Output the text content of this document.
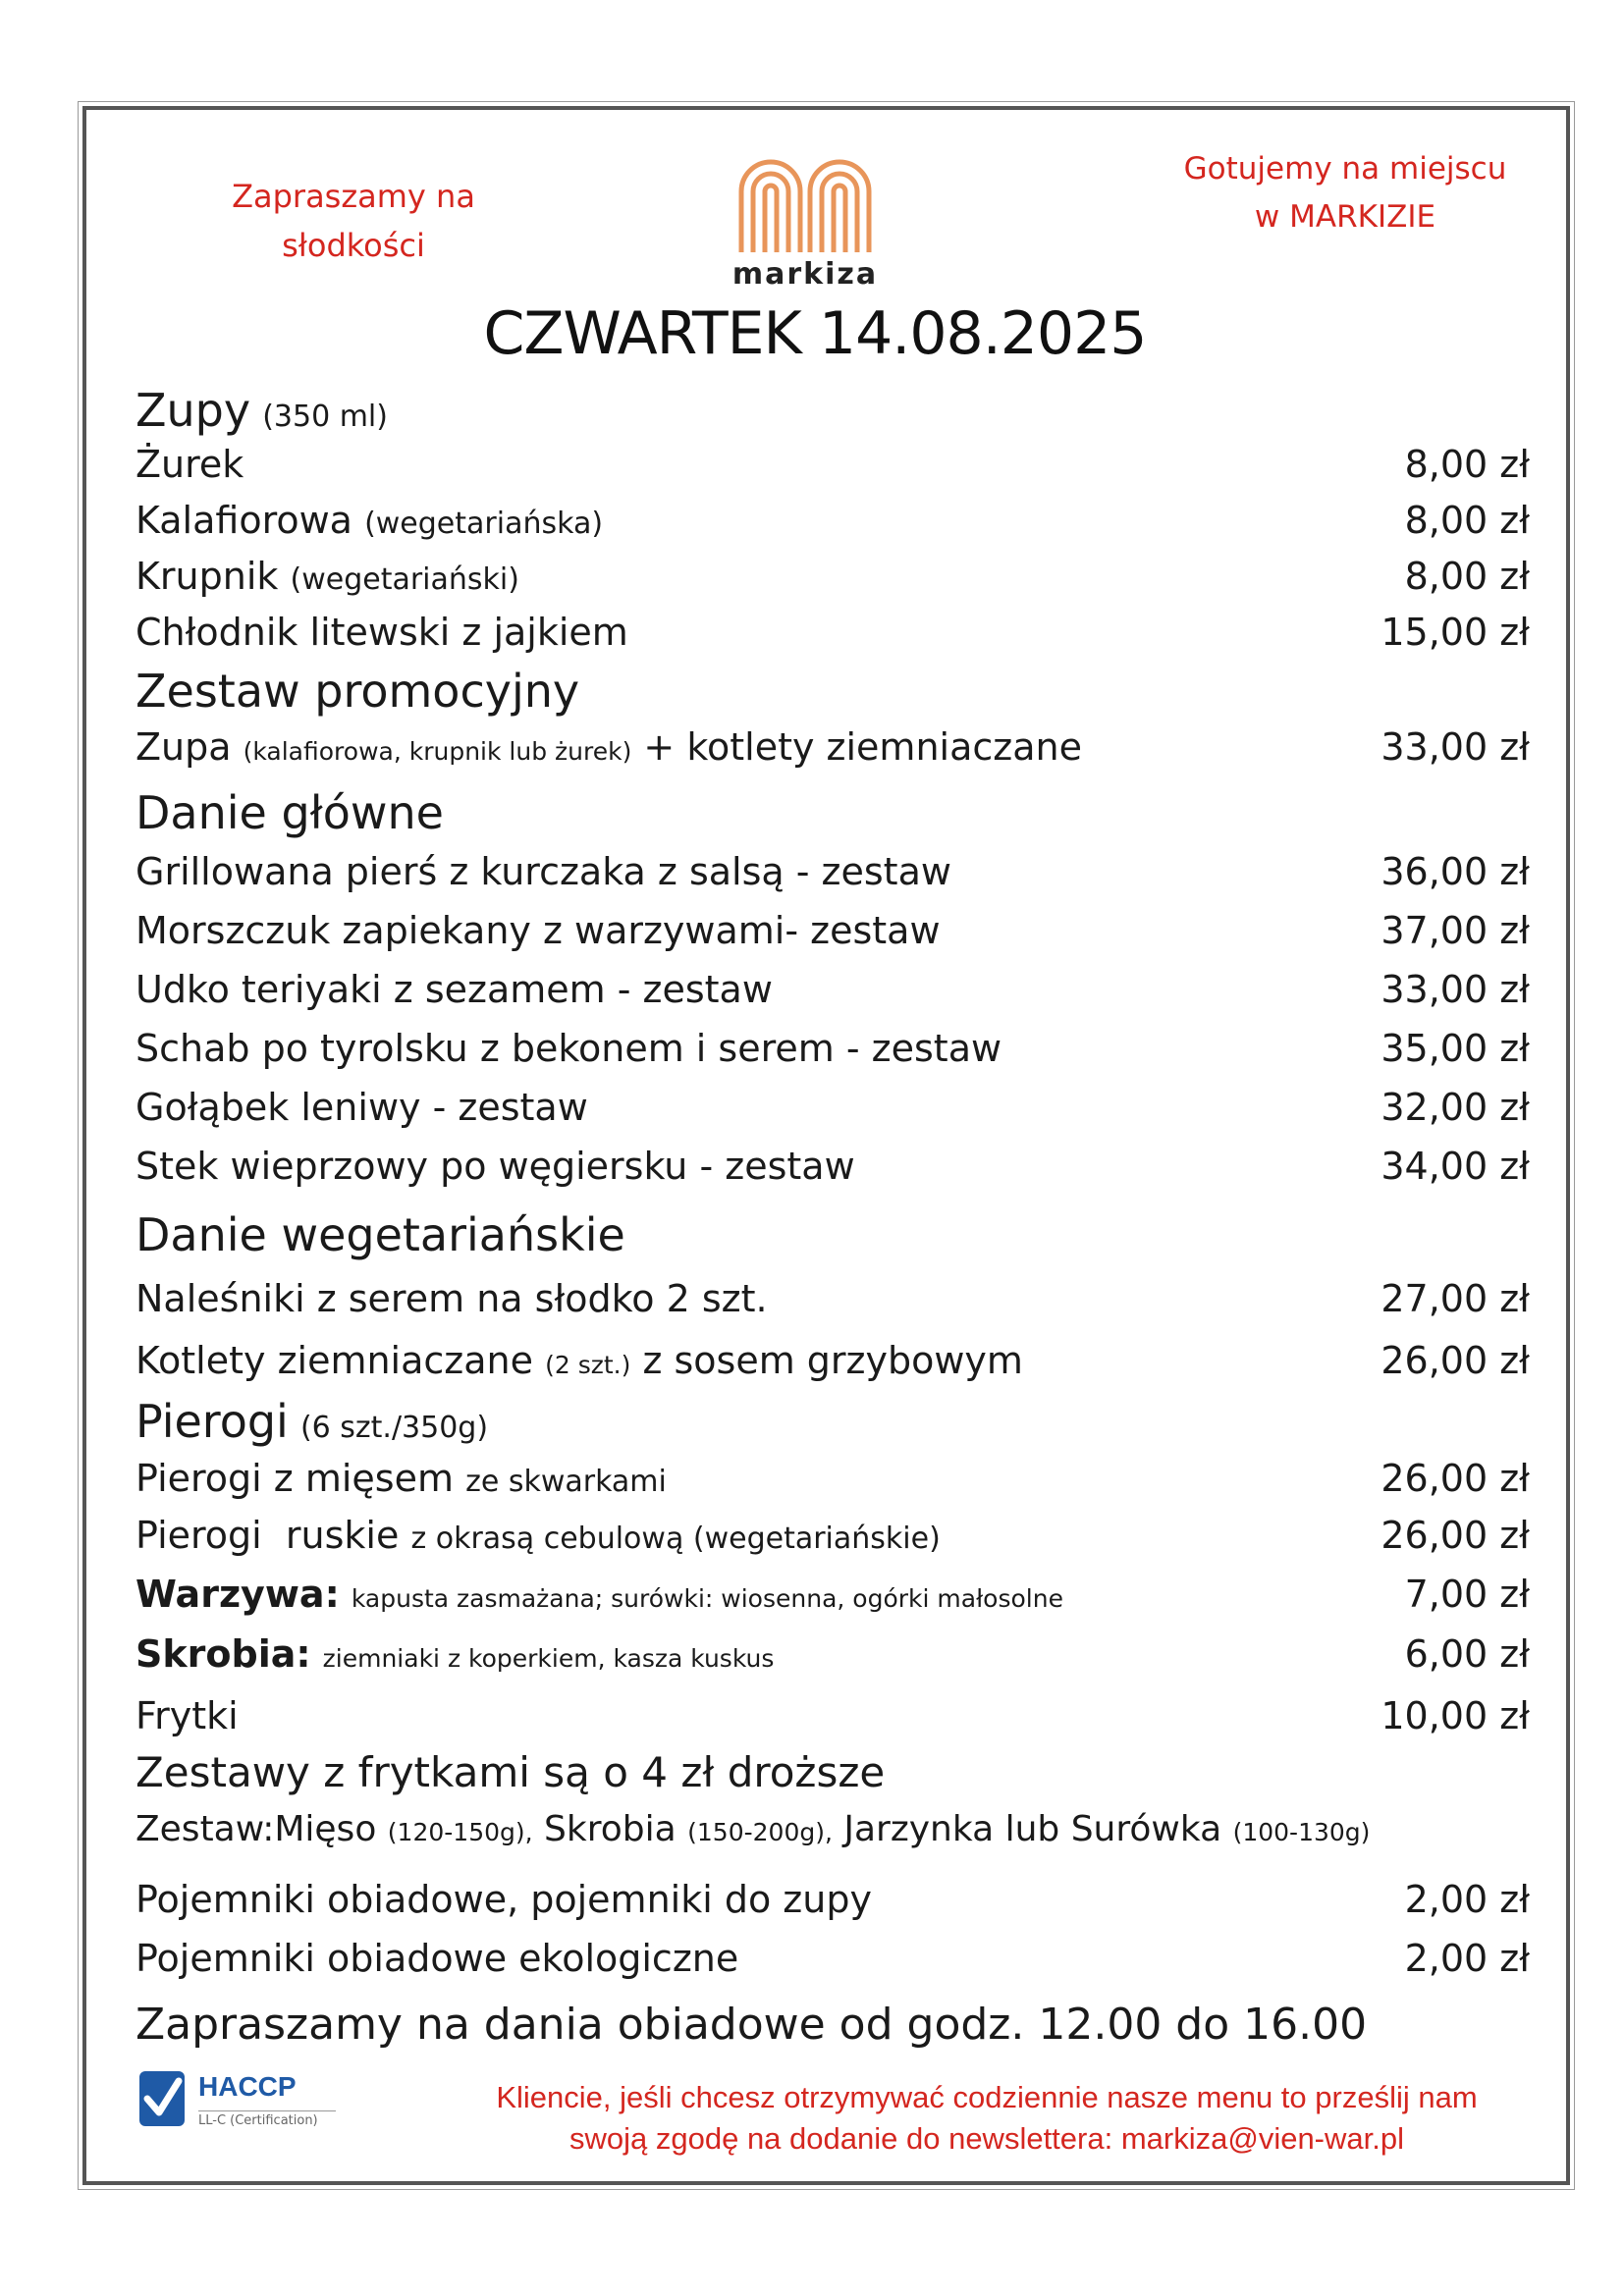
Zapraszamy na
słodkości
markiza
Gotujemy na miejscu
w MARKIZIE
CZWARTEK 14.08.2025
Zupy (350 ml)
Żurek	8,00 zł
Kalafiorowa (wegetariańska)	8,00 zł
Krupnik (wegetariański)	8,00 zł
Chłodnik litewski z jajkiem	15,00 zł
Zestaw promocyjny
Zupa (kalafiorowa, krupnik lub żurek) + kotlety ziemniaczane	33,00 zł
Danie główne
Grillowana pierś z kurczaka z salsą - zestaw	36,00 zł
Morszczuk zapiekany z warzywami- zestaw	37,00 zł
Udko teriyaki z sezamem - zestaw	33,00 zł
Schab po tyrolsku z bekonem i serem - zestaw	35,00 zł
Gołąbek leniwy - zestaw	32,00 zł
Stek wieprzowy po węgiersku - zestaw	34,00 zł
Danie wegetariańskie
Naleśniki z serem na słodko 2 szt.	27,00 zł
Kotlety ziemniaczane (2 szt.) z sosem grzybowym	26,00 zł
Pierogi (6 szt./350g)
Pierogi z mięsem ze skwarkami	26,00 zł
Pierogi  ruskie z okrasą cebulową (wegetariańskie)	26,00 zł
Warzywa: kapusta zasmażana; surówki: wiosenna, ogórki małosolne	7,00 zł
Skrobia: ziemniaki z koperkiem, kasza kuskus	6,00 zł
Frytki	10,00 zł
Zestawy z frytkami są o 4 zł droższe
Zestaw:Mięso (120-150g), Skrobia (150-200g), Jarzynka lub Surówka (100-130g)
Pojemniki obiadowe, pojemniki do zupy	2,00 zł
Pojemniki obiadowe ekologiczne	2,00 zł
Zapraszamy na dania obiadowe od godz. 12.00 do 16.00
HACCP
LL-C (Certification)
Kliencie, jeśli chcesz otrzymywać codziennie nasze menu to prześlij nam
swoją zgodę na dodanie do newslettera: markiza@vien-war.pl
